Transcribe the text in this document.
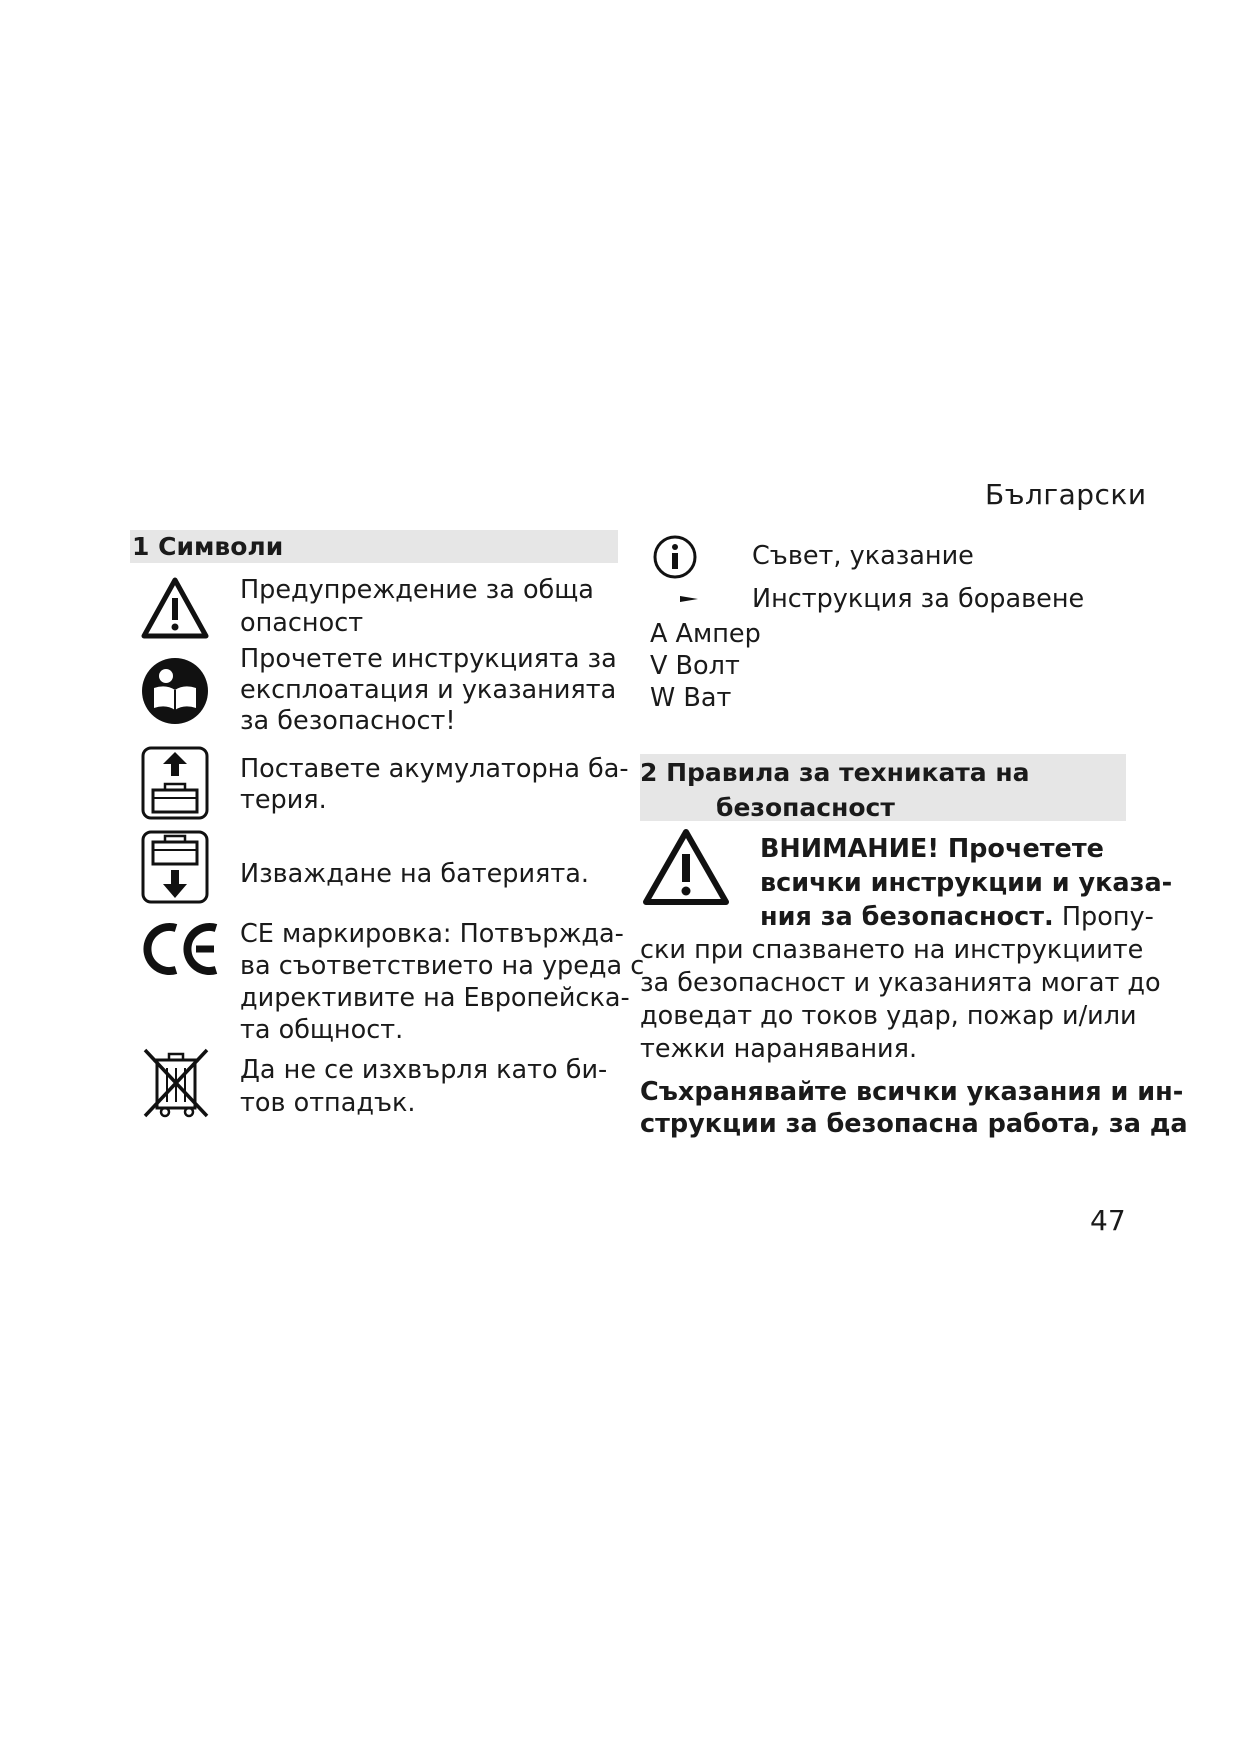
Български
1 Символи
Предупреждение за обща
опасност
Прочетете инструкцията за
експлоатация и указанията
за безопасност!
Поставете акумулаторна ба-
терия.
Изваждане на батерията.
CE маркировка: Потвържда-
ва съответствието на уреда с
директивите на Европейска-
та общност.
Да не се изхвърля като би-
тов отпадък.
Съвет, указание
Инструкция за боравене
A Ампер
V Волт
W Ват
2 Правила за техниката на
безопасност
ВНИМАНИЕ! Прочетете
всички инструкции и указа-
ния за безопасност. Пропу-
ски при спазването на инструкциите
за безопасност и указанията могат до
доведат до токов удар, пожар и/или
тежки наранявания.
Съхранявайте всички указания и ин-
струкции за безопасна работа, за да
47
